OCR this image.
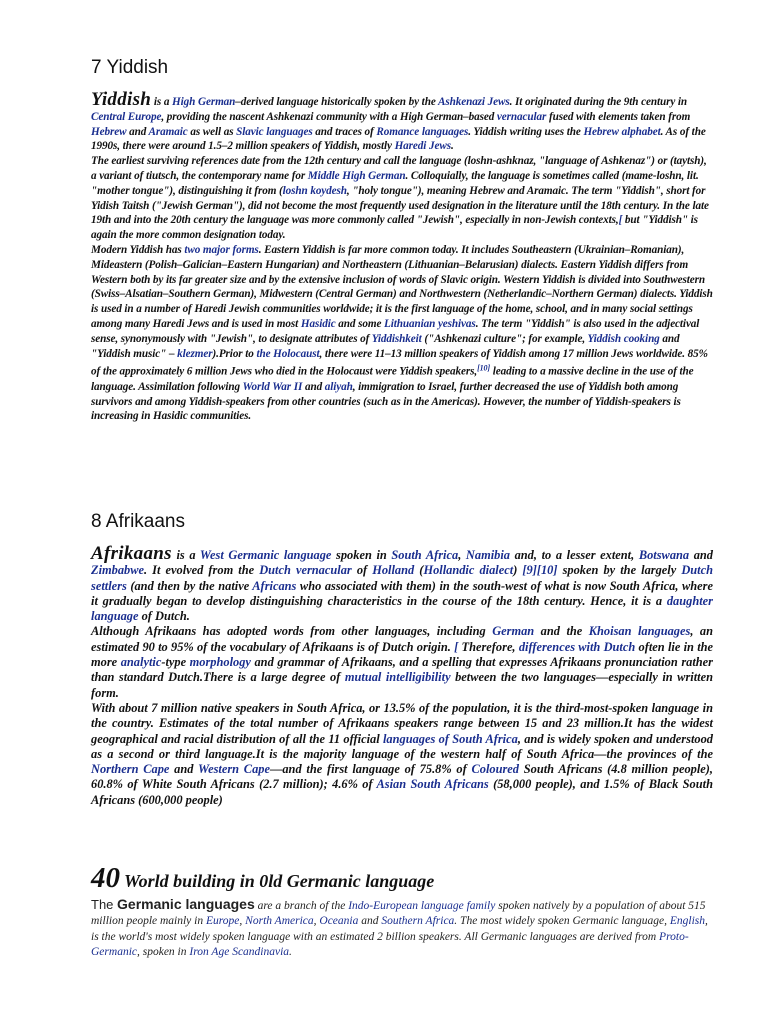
7 Yiddish

Yiddish is a High German–derived language historically spoken by the Ashkenazi Jews. It originated during the 9th century in Central Europe, providing the nascent Ashkenazi community with a High German–based vernacular fused with elements taken from Hebrew and Aramaic as well as Slavic languages and traces of Romance languages. Yiddish writing uses the Hebrew alphabet. As of the 1990s, there were around 1.5–2 million speakers of Yiddish, mostly Haredi Jews.

The earliest surviving references date from the 12th century and call the language (loshn-ashknaz, "language of Ashkenaz") or (taytsh), a variant of tiutsch, the contemporary name for Middle High German. Colloquially, the language is sometimes called (mame-loshn, lit. "mother tongue"), distinguishing it from (loshn koydesh, "holy tongue"), meaning Hebrew and Aramaic. The term "Yiddish", short for Yidish Taitsh ("Jewish German"), did not become the most frequently used designation in the literature until the 18th century. In the late 19th and into the 20th century the language was more commonly called "Jewish", especially in non-Jewish contexts,[ but "Yiddish" is again the more common designation today.

Modern Yiddish has two major forms. Eastern Yiddish is far more common today. It includes Southeastern (Ukrainian–Romanian), Mideastern (Polish–Galician–Eastern Hungarian) and Northeastern (Lithuanian–Belarusian) dialects. Eastern Yiddish differs from Western both by its far greater size and by the extensive inclusion of words of Slavic origin. Western Yiddish is divided into Southwestern (Swiss–Alsatian–Southern German), Midwestern (Central German) and Northwestern (Netherlandic–Northern German) dialects. Yiddish is used in a number of Haredi Jewish communities worldwide; it is the first language of the home, school, and in many social settings among many Haredi Jews and is used in most Hasidic and some Lithuanian yeshivas. The term "Yiddish" is also used in the adjectival sense, synonymously with "Jewish", to designate attributes of Yiddishkeit ("Ashkenazi culture"; for example, Yiddish cooking and "Yiddish music" – klezmer).Prior to the Holocaust, there were 11–13 million speakers of Yiddish among 17 million Jews worldwide. 85% of the approximately 6 million Jews who died in the Holocaust were Yiddish speakers,[10] leading to a massive decline in the use of the language. Assimilation following World War II and aliyah, immigration to Israel, further decreased the use of Yiddish both among survivors and among Yiddish-speakers from other countries (such as in the Americas). However, the number of Yiddish-speakers is increasing in Hasidic communities.

8 Afrikaans

Afrikaans is a West Germanic language spoken in South Africa, Namibia and, to a lesser extent, Botswana and Zimbabwe. It evolved from the Dutch vernacular of Holland (Hollandic dialect) [9][10] spoken by the largely Dutch settlers (and then by the native Africans who associated with them) in the south-west of what is now South Africa, where it gradually began to develop distinguishing characteristics in the course of the 18th century. Hence, it is a daughter language of Dutch.

Although Afrikaans has adopted words from other languages, including German and the Khoisan languages, an estimated 90 to 95% of the vocabulary of Afrikaans is of Dutch origin. [ Therefore, differences with Dutch often lie in the more analytic-type morphology and grammar of Afrikaans, and a spelling that expresses Afrikaans pronunciation rather than standard Dutch.There is a large degree of mutual intelligibility between the two languages—especially in written form.

With about 7 million native speakers in South Africa, or 13.5% of the population, it is the third-most-spoken language in the country. Estimates of the total number of Afrikaans speakers range between 15 and 23 million.It has the widest geographical and racial distribution of all the 11 official languages of South Africa, and is widely spoken and understood as a second or third language.It is the majority language of the western half of South Africa—the provinces of the Northern Cape and Western Cape—and the first language of 75.8% of Coloured South Africans (4.8 million people), 60.8% of White South Africans (2.7 million); 4.6% of Asian South Africans (58,000 people), and 1.5% of Black South Africans (600,000 people)

40 World building in 0ld Germanic language

The Germanic languages are a branch of the Indo-European language family spoken natively by a population of about 515 million people mainly in Europe, North America, Oceania and Southern Africa. The most widely spoken Germanic language, English, is the world's most widely spoken language with an estimated 2 billion speakers. All Germanic languages are derived from Proto-Germanic, spoken in Iron Age Scandinavia.
